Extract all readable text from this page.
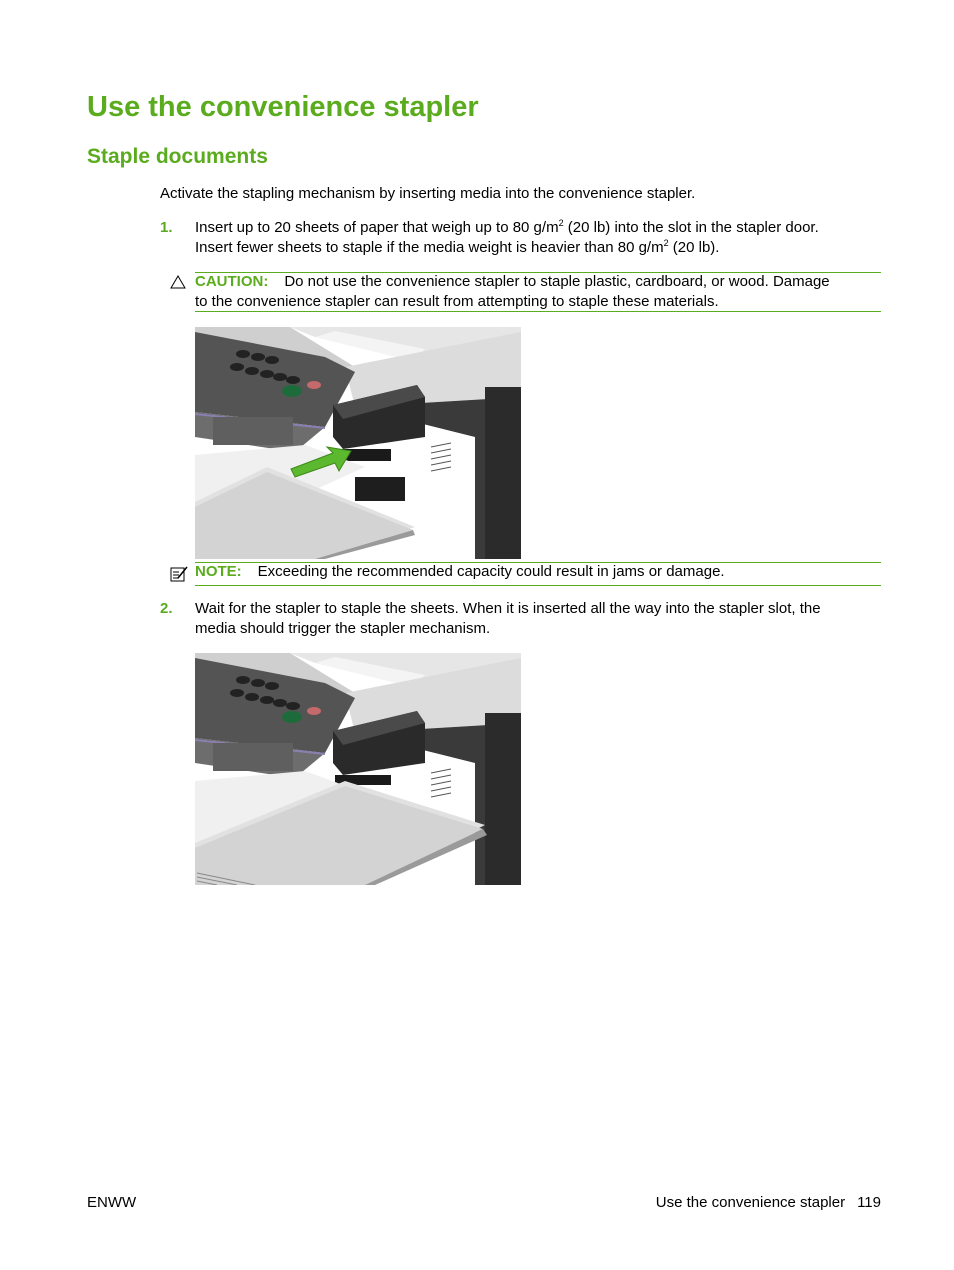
Use the convenience stapler
Staple documents
Activate the stapling mechanism by inserting media into the convenience stapler.
1. Insert up to 20 sheets of paper that weigh up to 80 $g/m^2$ (20 lb) into the slot in the stapler door.
Insert fewer sheets to staple if the media weight is heavier than 80 $g/m^2$ (20 lb).
CAUTION: Do not use the convenience stapler to staple plastic, cardboard, or wood. Damage
to the convenience stapler can result from attempting to staple these materials.
NOTE: Exceeding the recommended capacity could result in jams or damage.
2. Wait for the stapler to staple the sheets. When it is inserted all the way into the stapler slot, the
media should trigger the stapler mechanism.
ENWW	Use the convenience stapler 119
